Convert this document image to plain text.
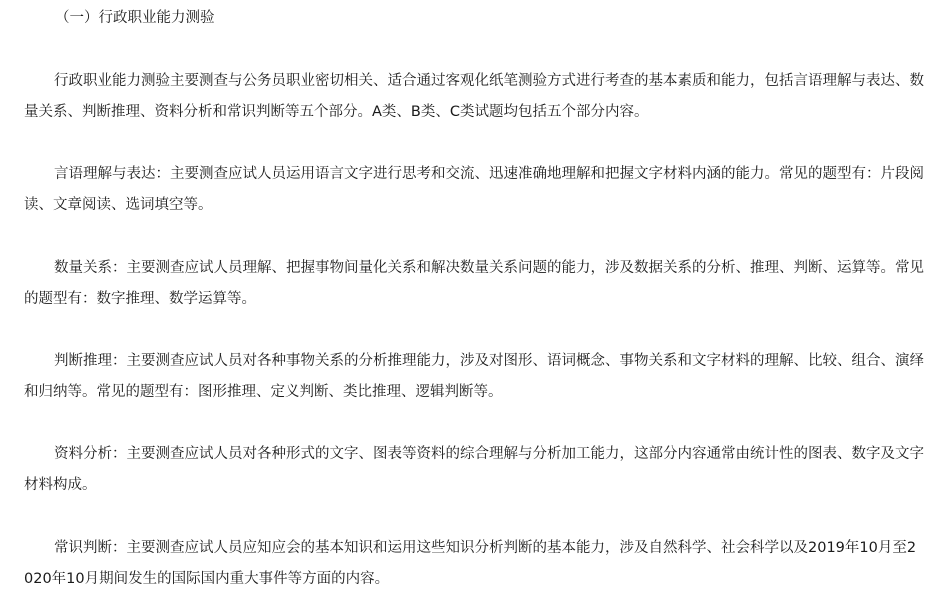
（一）行政职业能力测验

行政职业能力测验主要测查与公务员职业密切相关、适合通过客观化纸笔测验方式进行考查的基本素质和能力，包括言语理解与表达、数量关系、判断推理、资料分析和常识判断等五个部分。A类、B类、C类试题均包括五个部分内容。

言语理解与表达：主要测查应试人员运用语言文字进行思考和交流、迅速准确地理解和把握文字材料内涵的能力。常见的题型有：片段阅读、文章阅读、选词填空等。

数量关系：主要测查应试人员理解、把握事物间量化关系和解决数量关系问题的能力，涉及数据关系的分析、推理、判断、运算等。常见的题型有：数字推理、数学运算等。

判断推理：主要测查应试人员对各种事物关系的分析推理能力，涉及对图形、语词概念、事物关系和文字材料的理解、比较、组合、演绎和归纳等。常见的题型有：图形推理、定义判断、类比推理、逻辑判断等。

资料分析：主要测查应试人员对各种形式的文字、图表等资料的综合理解与分析加工能力，这部分内容通常由统计性的图表、数字及文字材料构成。

常识判断：主要测查应试人员应知应会的基本知识和运用这些知识分析判断的基本能力，涉及自然科学、社会科学以及2019年10月至2020年10月期间发生的国际国内重大事件等方面的内容。
